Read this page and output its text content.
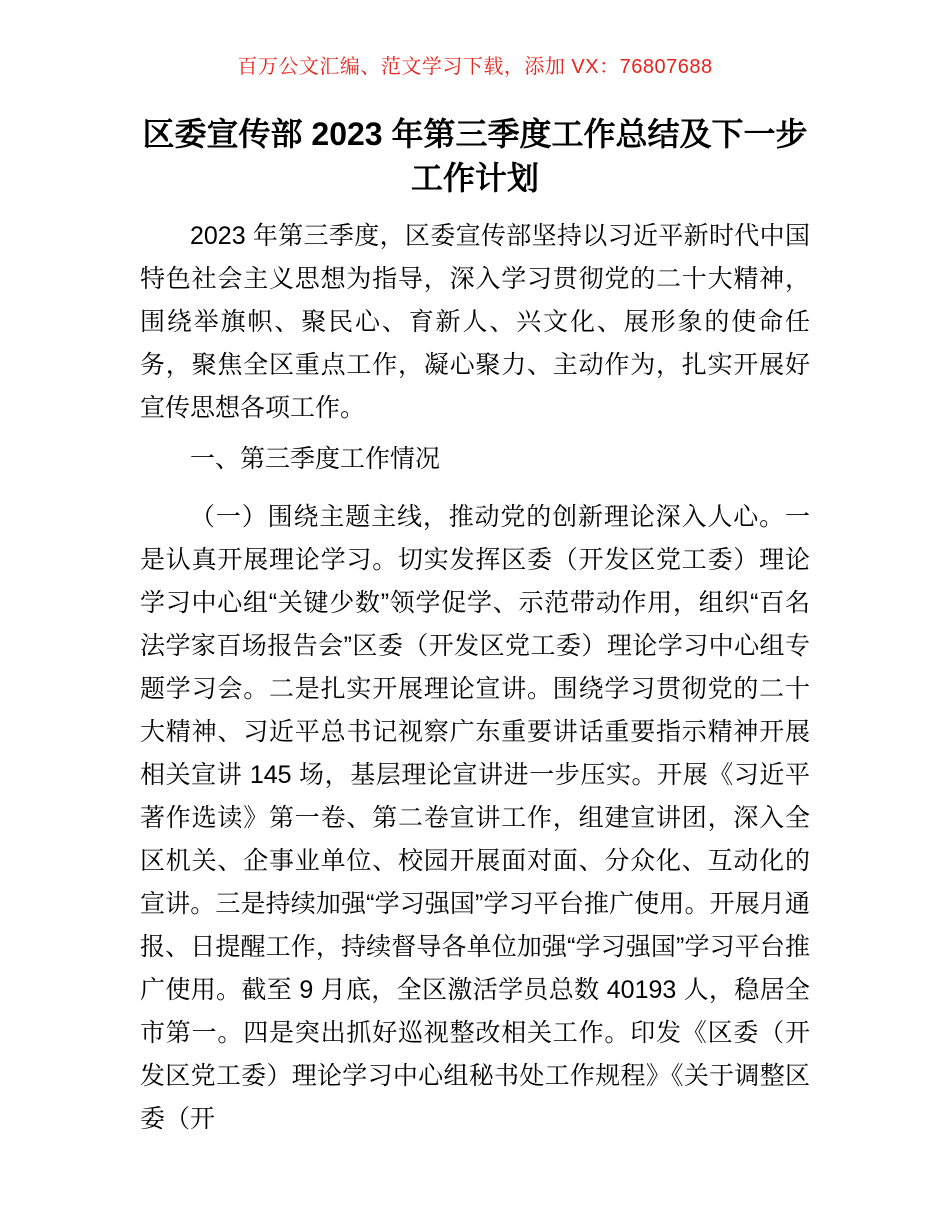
百万公文汇编、范文学习下载，添加 VX：76807688
区委宣传部 2023 年第三季度工作总结及下一步工作计划

2023 年第三季度，区委宣传部坚持以习近平新时代中国特色社会主义思想为指导，深入学习贯彻党的二十大精神，围绕举旗帜、聚民心、育新人、兴文化、展形象的使命任务，聚焦全区重点工作，凝心聚力、主动作为，扎实开展好宣传思想各项工作。

一、第三季度工作情况

（一）围绕主题主线，推动党的创新理论深入人心。一是认真开展理论学习。切实发挥区委（开发区党工委）理论学习中心组“关键少数”领学促学、示范带动作用，组织“百名法学家百场报告会”区委（开发区党工委）理论学习中心组专题学习会。二是扎实开展理论宣讲。围绕学习贯彻党的二十大精神、习近平总书记视察广东重要讲话重要指示精神开展相关宣讲 145 场，基层理论宣讲进一步压实。开展《习近平著作选读》第一卷、第二卷宣讲工作，组建宣讲团，深入全区机关、企事业单位、校园开展面对面、分众化、互动化的宣讲。三是持续加强“学习强国”学习平台推广使用。开展月通报、日提醒工作，持续督导各单位加强“学习强国”学习平台推广使用。截至 9 月底，全区激活学员总数 40193 人，稳居全市第一。四是突出抓好巡视整改相关工作。印发《区委（开发区党工委）理论学习中心组秘书处工作规程》《关于调整区委（开
